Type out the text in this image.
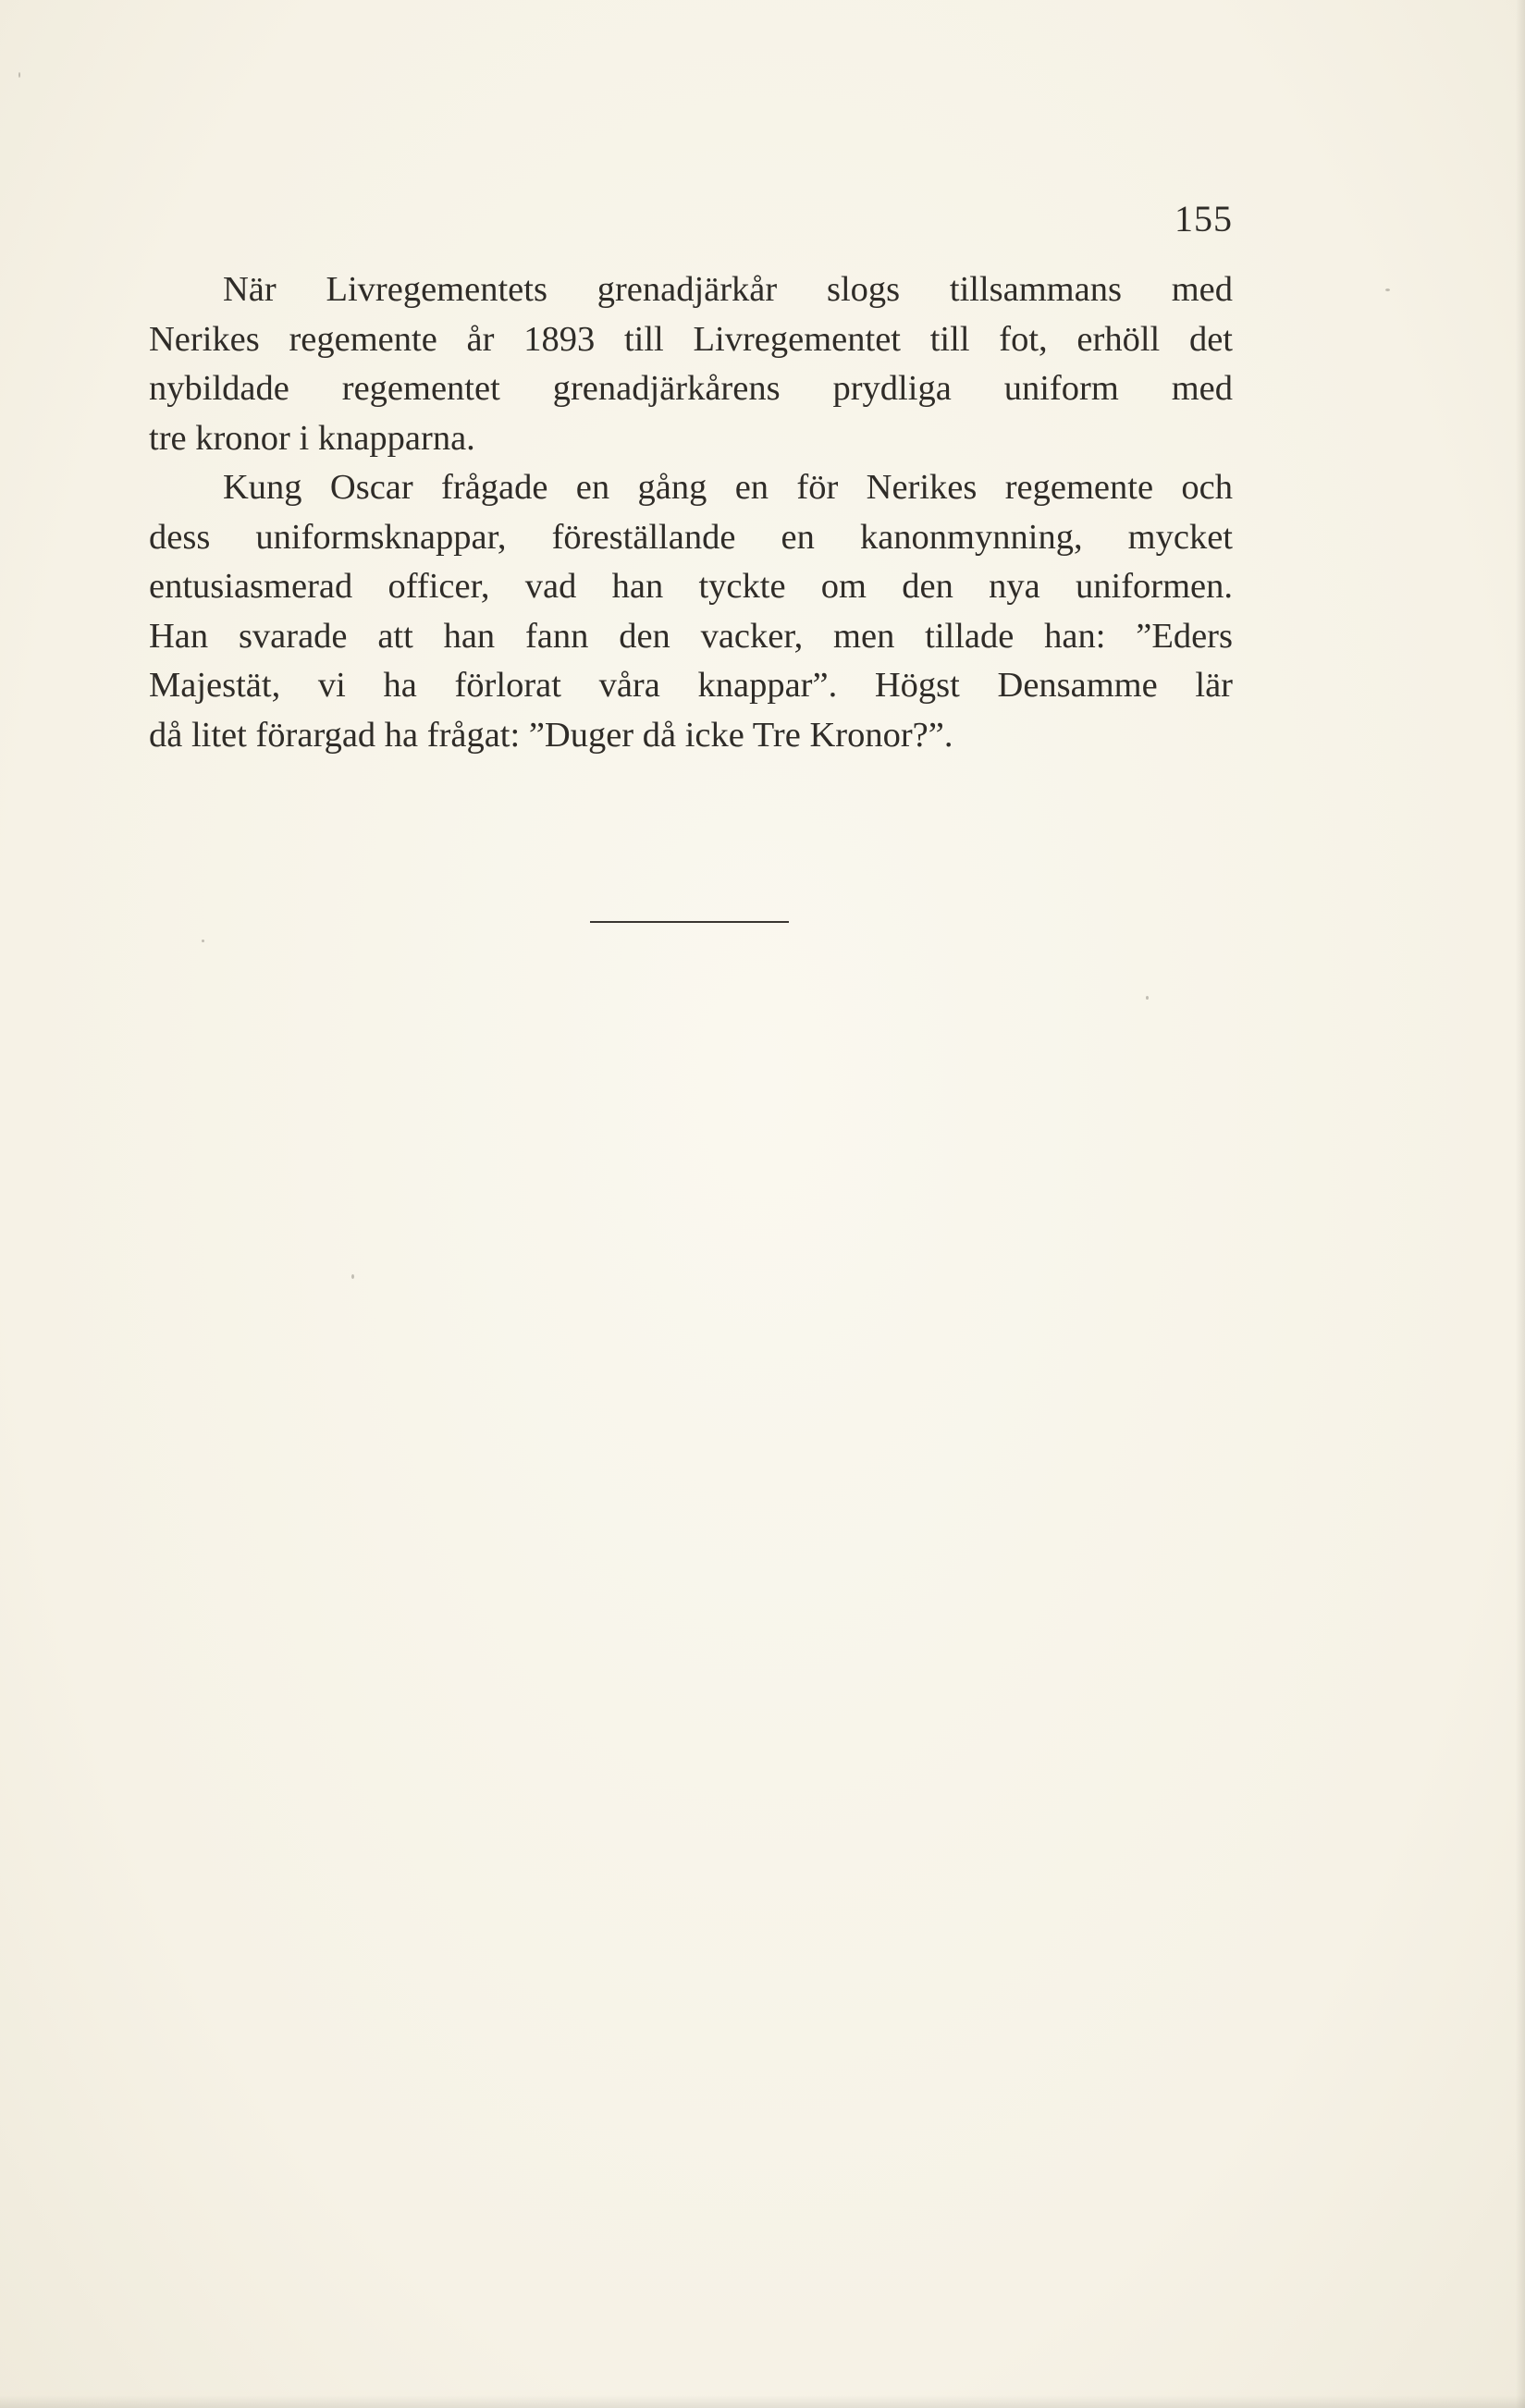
155

När Livregementets grenadjärkår slogs tillsammans med
Nerikes regemente år 1893 till Livregementet till fot, erhöll det
nybildade regementet grenadjärkårens prydliga uniform med
tre kronor i knapparna.

Kung Oscar frågade en gång en för Nerikes regemente och
dess uniformsknappar, föreställande en kanonmynning, mycket
entusiasmerad officer, vad han tyckte om den nya uniformen.
Han svarade att han fann den vacker, men tillade han: ”Eders
Majestät, vi ha förlorat våra knappar”. Högst Densamme lär
då litet förargad ha frågat: ”Duger då icke Tre Kronor?”.
